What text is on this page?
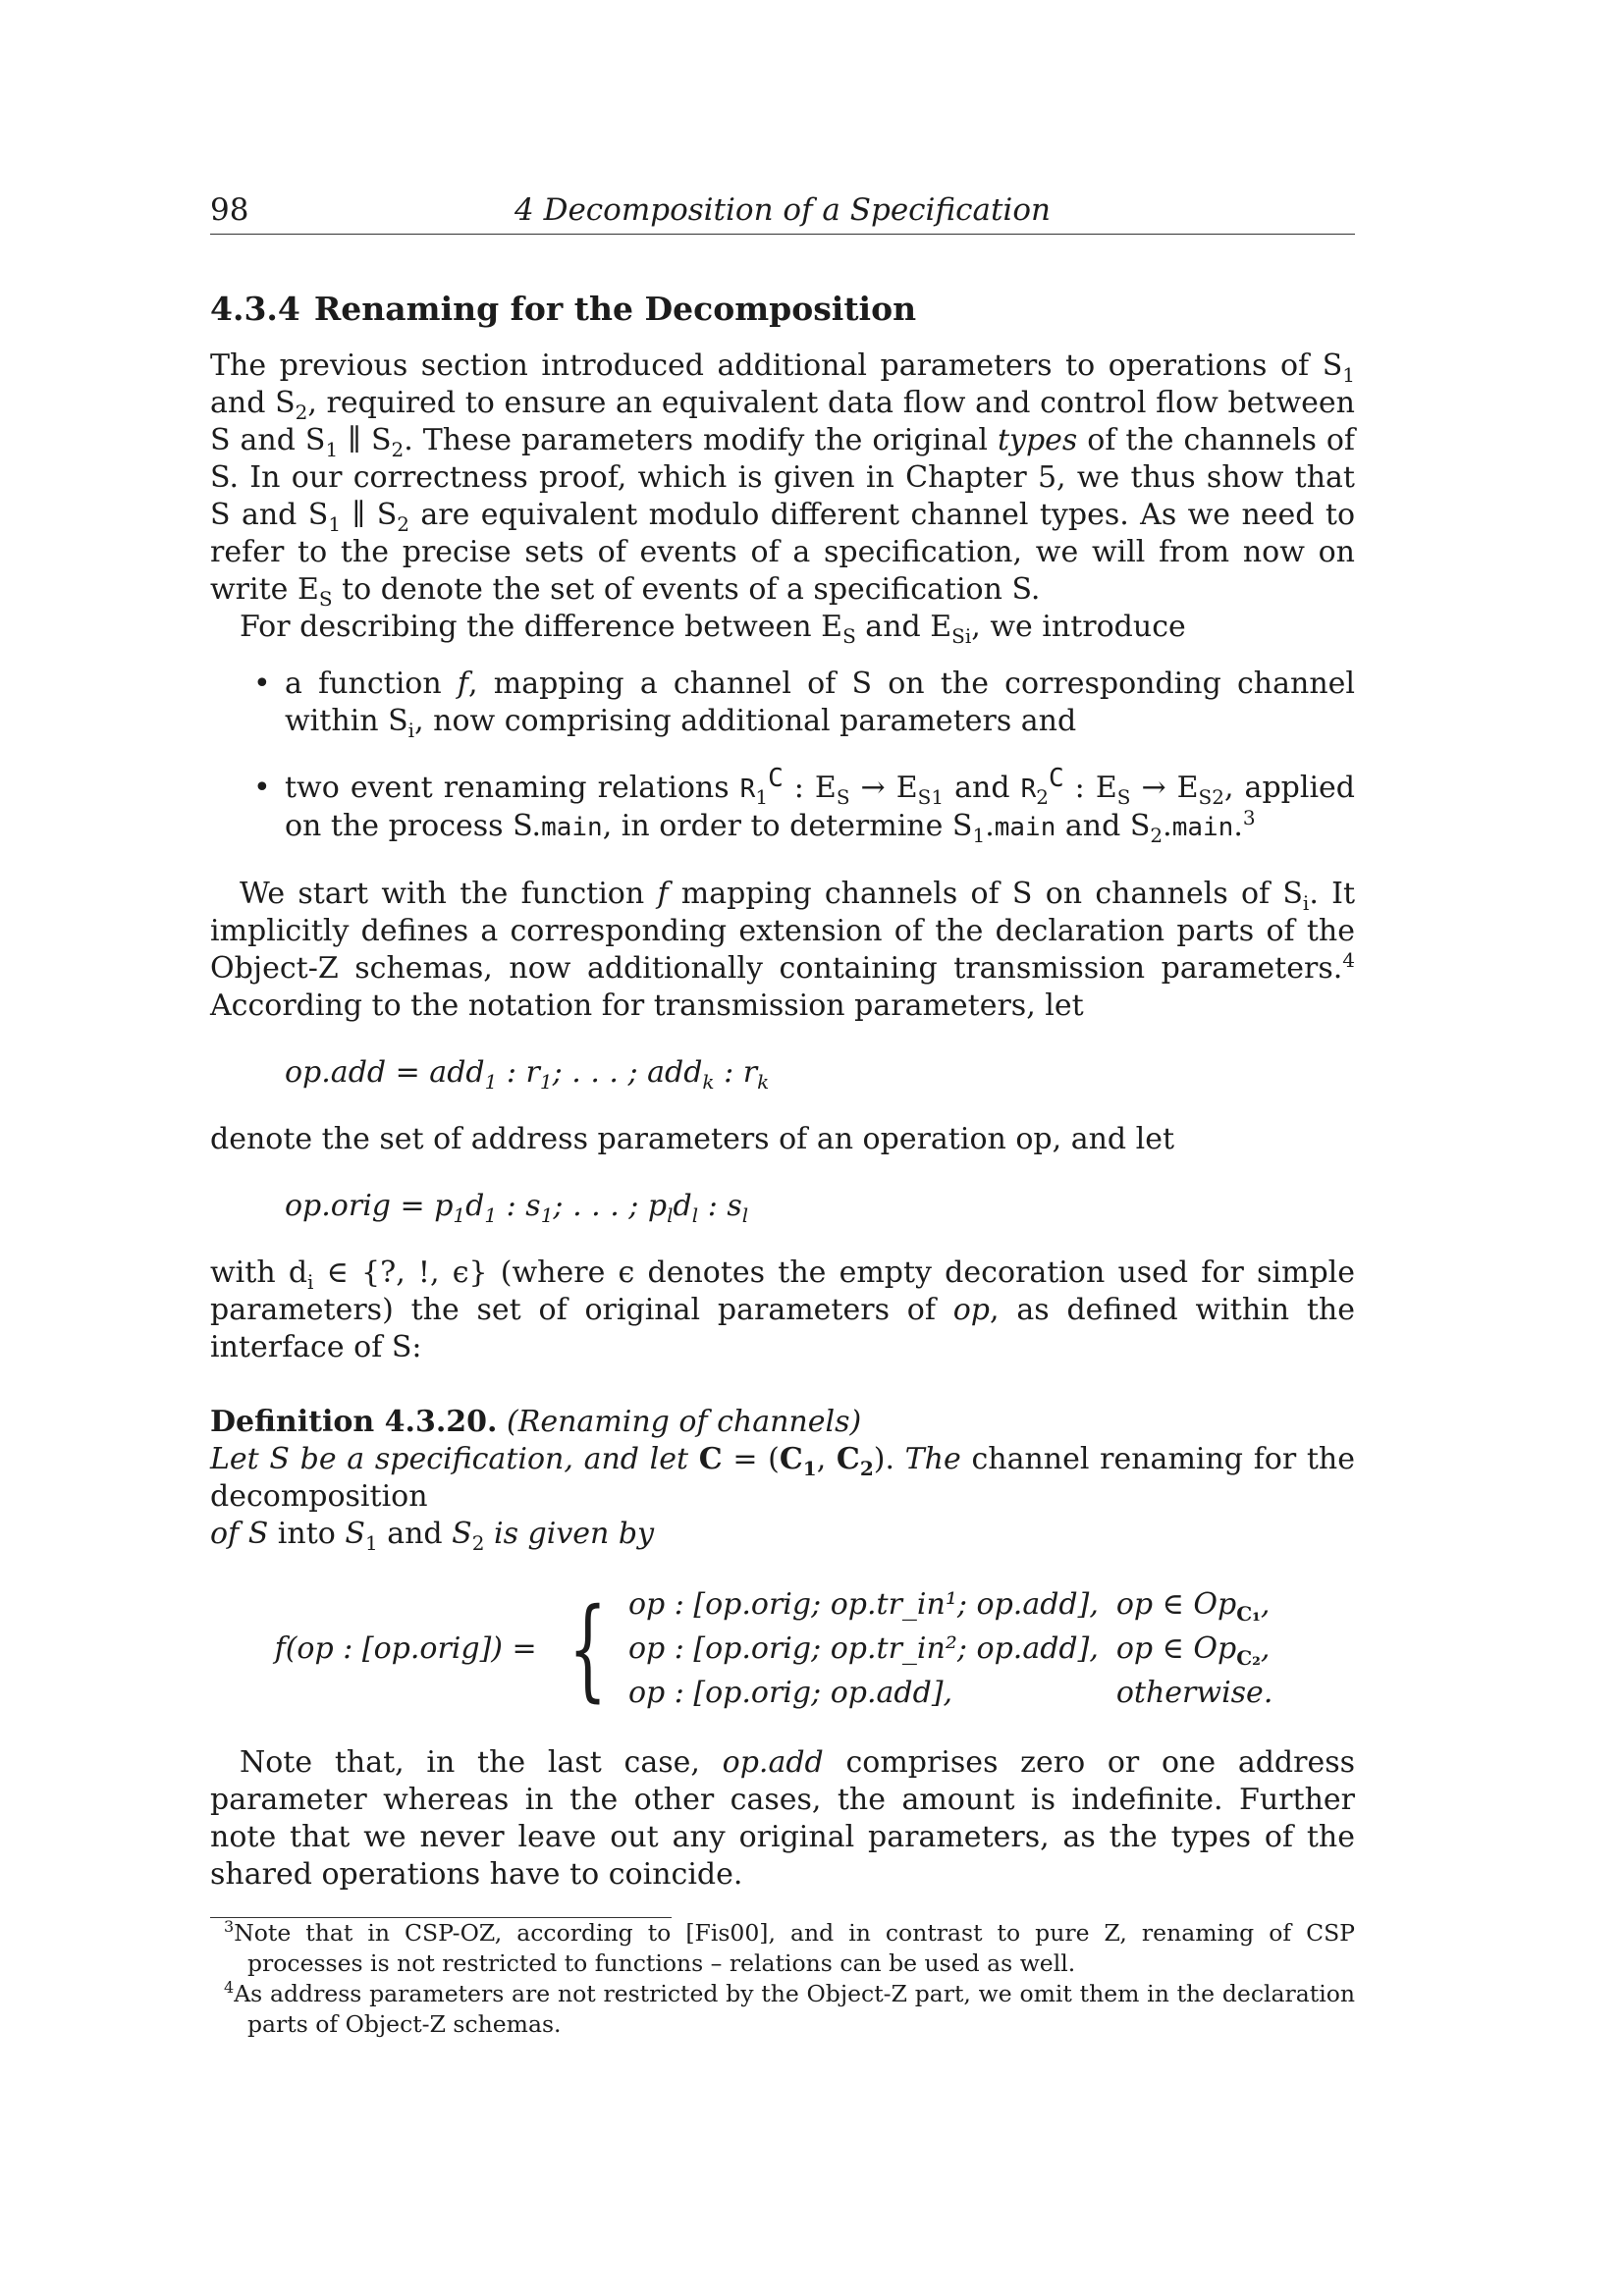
98	4 Decomposition of a Specification
4.3.4 Renaming for the Decomposition

The previous section introduced additional parameters to operations of $S_1$ and $S_2$, required to ensure an equivalent data flow and control flow between S and $S_1$ ∥ $S_2$. These parameters modify the original types of the channels of S. In our correctness proof, which is given in Chapter 5, we thus show that S and $S_1$ ∥ $S_2$ are equivalent modulo different channel types. As we need to refer to the precise sets of events of a specification, we will from now on write $E_S$ to denote the set of events of a specification S.

For describing the difference between $E_S$ and $E_{Si}$, we introduce

• a function f, mapping a channel of S on the corresponding channel within $S_i$, now comprising additional parameters and
• two event renaming relations $R_1^C$ : $E_S \to E_{S1}$ and $R_2^C$ : $E_S \to E_{S2}$, applied on the process S.main, in order to determine $S_1.main$ and $S_2.main.^3$

We start with the function f mapping channels of S on channels of $S_i$. It implicitly defines a corresponding extension of the declaration parts of the Object-Z schemas, now additionally containing transmission parameters.$^4$ According to the notation for transmission parameters, let

op.add = add$_1$ : $r_1$; . . . ; add$_k$ : $r_k$

denote the set of address parameters of an operation op, and let

op.orig = $p_1d_1$ : $s_1$; . . . ; $p_ld_l$ : $s_l$

with $d_i$ ∈ {?, !, ϵ} (where ϵ denotes the empty decoration used for simple parameters) the set of original parameters of op, as defined within the interface of S:

Definition 4.3.20. (Renaming of channels)
Let S be a specification, and let $C = (C_1$, $C_2$). The channel renaming for the decomposition
of S into $S_1$ and $S_2$ is given by

f(op : [op.orig]) = { op : [op.orig; op.tr_in¹; op.add],	op ∈ $Op_{C_1}$,
op : [op.orig; op.tr_in²; op.add],	op ∈ $Op_{C_2}$,
op : [op.orig; op.add],	otherwise.

Note that, in the last case, op.add comprises zero or one address parameter whereas in the other cases, the amount is indefinite. Further note that we never leave out any original parameters, as the types of the shared operations have to coincide.

$^3$Note that in CSP-OZ, according to [Fis00], and in contrast to pure Z, renaming of CSP processes is not restricted to functions – relations can be used as well.

$^4$As address parameters are not restricted by the Object-Z part, we omit them in the declaration parts of Object-Z schemas.
